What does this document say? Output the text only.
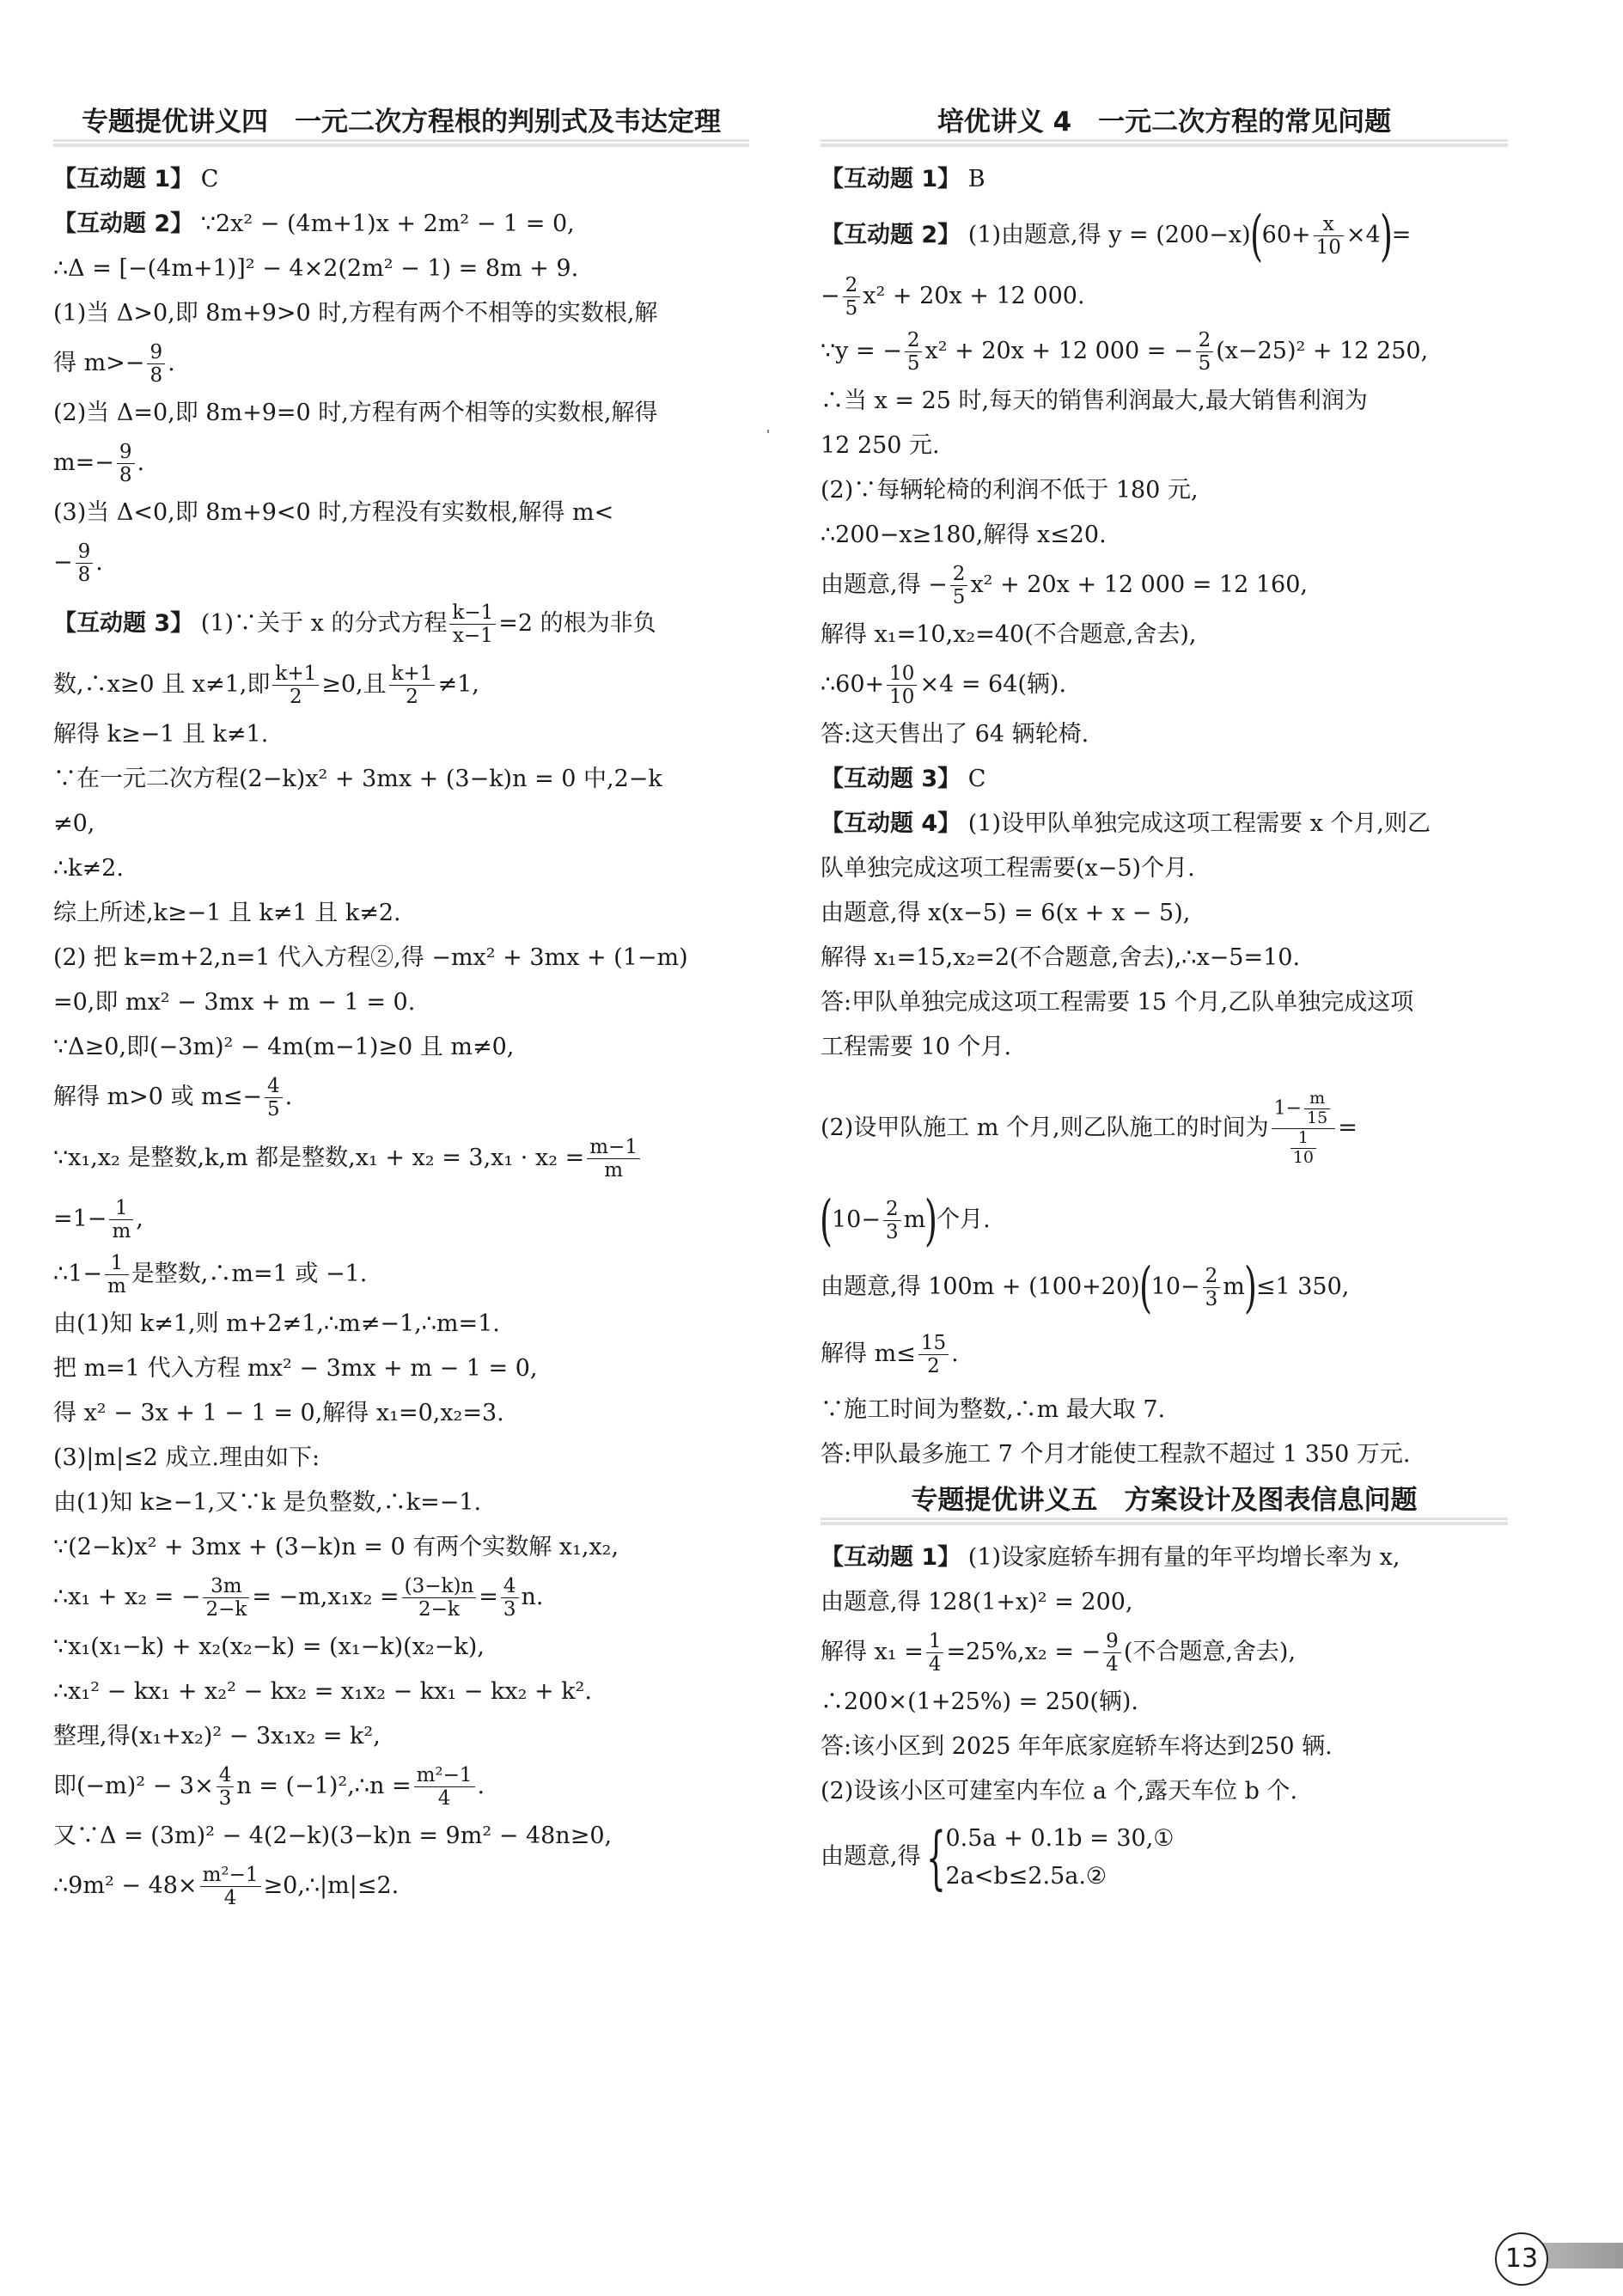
专题提优讲义四　一元二次方程根的判别式及韦达定理
【互动题 1】 C
【互动题 2】 ∵2x² − (4m+1)x + 2m² − 1 = 0,
∴Δ = [−(4m+1)]² − 4×2(2m² − 1) = 8m + 9.
(1)当 Δ>0,即 8m+9>0 时,方程有两个不相等的实数根,解
得 $m>- \frac{9}{8}$ .
(2)当 Δ=0,即 8m+9=0 时,方程有两个相等的实数根,解得
$m=- \frac{9}{8}$ .
(3)当 Δ<0,即 8m+9<0 时,方程没有实数根,解得 m<
− $\frac{9}{8}$ .
【互动题 3】 (1)∵关于 x 的分式方程 $\frac{k-1}{x-1} =2$ 的根为非负
数,∴x≥0 且 x≠1,即 $\frac{k+1}{2} \ge 0$,且 $\frac{k+1}{2} \ne 1$,
解得 k≥−1 且 k≠1.
∵在一元二次方程(2−k)x² + 3mx + (3−k)n = 0 中,2−k
≠0,
∴k≠2.
综上所述,k≥−1 且 k≠1 且 k≠2.
(2) 把 k=m+2,n=1 代入方程②,得 −mx² + 3mx + (1−m)
=0,即 mx² − 3mx + m − 1 = 0.
∵Δ≥0,即(−3m)² − 4m(m−1)≥0 且 m≠0,
解得 m>0 或 $m\le- \frac{4}{5}$ .
∵x₁,x₂ 是整数,k,m 都是整数$,x_1 + x_2 = 3,x_1 \cdot x_2 = \frac{m-1}{m}$
$=1- \frac{1}{m}$ ,
∴1− $\frac{1}{m}$ 是整数,∴m=1 或 −1.
由(1)知 k≠1,则 m+2≠1,∴m≠−1,∴m=1.
把 m=1 代入方程 mx² − 3mx + m − 1 = 0,
得 x² − 3x + 1 − 1 = 0,解得 x₁=0,x₂=3.
(3)|m|≤2 成立.理由如下:
由(1)知 k≥−1,又∵k 是负整数,∴k=−1.
∵(2−k)x² + 3mx + (3−k)n = 0 有两个实数解 x₁,x₂,
∴x₁ + x₂ = − $\frac{3m}{2-k} = -m,x_1x_2 = \frac{(3-k)n}{2-k} = \frac{4}{3} n$.
∵x₁(x₁−k) + x₂(x₂−k) = (x₁−k)(x₂−k),
∴x₁² − kx₁ + x₂² − kx₂ = x₁x₂ − kx₁ − kx₂ + k².
整理,得(x₁+x₂)² − 3x₁x₂ = k²,
即$(-m)^2 - 3\times \frac{4}{3}$ n = (−1)²,∴n = $\frac{\text{m²−1}}{4}$ .
又∵Δ = (3m)² − 4(2−k)(3−k)n = 9m² − 48n≥0,
∴9m² − $48\times \frac{\text{m²−1}}{4}$ ≥0,∴|m|≤2.
培优讲义 4　一元二次方程的常见问题
【互动题 1】 B
【互动题 2】 (1)由题意,得 $y = (200-x)(60+ \frac{x}{10} \times 4)=$
− $\frac{2}{5} x^2 + 20x + 12$ 000.
∵y = − $\frac{2}{5} x^2 + 20x + 12$ 000 = − $\frac{2}{5} (x-25)^2 + 12$ 250,
∴当 x = 25 时,每天的销售利润最大,最大销售利润为
12 250 元.
(2)∵每辆轮椅的利润不低于 180 元,
∴200−x≥180,解得 x≤20.
由题意,得 − $\frac{2}{5} x^2 + 20x + 12$ 000 = 12 160,
解得 x₁=10,x₂=40(不合题意,舍去),
∴60+ $\frac{10}{10} \times 4 = 64$(辆).
答:这天售出了 64 辆轮椅.
【互动题 3】 C
【互动题 4】 (1)设甲队单独完成这项工程需要 x 个月,则乙
队单独完成这项工程需要(x−5)个月.
由题意,得 x(x−5) = 6(x + x − 5),
解得 x₁=15,x₂=2(不合题意,舍去),∴x−5=10.
答:甲队单独完成这项工程需要 15 个月,乙队单独完成这项
工程需要 10 个月.
(2)设甲队施工 m 个月,则乙队施工的时间为 $\frac{1- \frac{m}{15}}{\frac{1}{10}}$ =
$(10- \frac{2}{3} m)$个月.
由题意,得 $100m + (100+20)(10- \frac{2}{3} m)\le 1$ 350,
解得 $m\le \frac{15}{2}$ .
∵施工时间为整数,∴m 最大取 7.
答:甲队最多施工 7 个月才能使工程款不超过 1 350 万元.
专题提优讲义五　方案设计及图表信息问题
【互动题 1】 (1)设家庭轿车拥有量的年平均增长率为 x,
由题意,得 128(1+x)² = 200,
解得 $x_1 = \frac{1}{4} =25\%,x_2$ = − $\frac{9}{4}$ (不合题意,舍去),
∴200×(1+25%) = 250(辆).
答:该小区到 2025 年年底家庭轿车将达到250 辆.
(2)设该小区可建室内车位 a 个,露天车位 b 个.
由题意,得{ 0.5a + 0.1b = 30,①
2a<b≤2.5a.②
13
